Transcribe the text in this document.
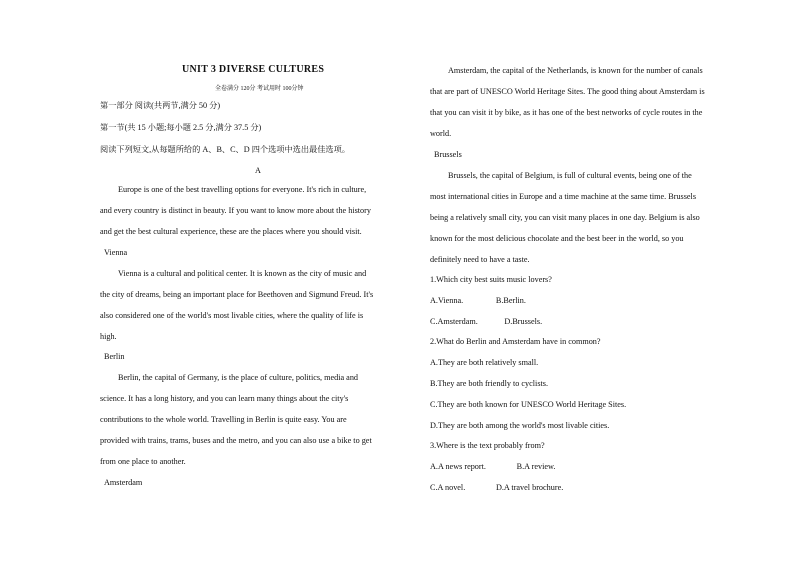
UNIT 3 DIVERSE CULTURES
全卷满分 120分 考试用时 100分钟
第一部分 阅读(共两节,满分 50 分)
第一节(共 15 小题;每小题 2.5 分,满分 37.5 分)
阅读下列短文,从每题所给的 A、B、C、D 四个选项中选出最佳选项。
A
Europe is one of the best travelling options for everyone. It's rich in culture,
and every country is distinct in beauty. If you want to know more about the history
and get the best cultural experience, these are the places where you should visit.
Vienna
Vienna is a cultural and political center. It is known as the city of music and
the city of dreams, being an important place for Beethoven and Sigmund Freud. It's
also considered one of the world's most livable cities, where the quality of life is
high.
Berlin
Berlin, the capital of Germany, is the place of culture, politics, media and
science. It has a long history, and you can learn many things about the city's
contributions to the whole world. Travelling in Berlin is quite easy. You are
provided with trains, trams, buses and the metro, and you can also use a bike to get
from one place to another.
Amsterdam
Amsterdam, the capital of the Netherlands, is known for the number of canals
that are part of UNESCO World Heritage Sites. The good thing about Amsterdam is
that you can visit it by bike, as it has one of the best networks of cycle routes in the
world.
Brussels
Brussels, the capital of Belgium, is full of cultural events, being one of the
most international cities in Europe and a time machine at the same time. Brussels
being a relatively small city, you can visit many places in one day. Belgium is also
known for the most delicious chocolate and the best beer in the world, so you
definitely need to have a taste.
1.Which city best suits music lovers?
A.Vienna.                B.Berlin.
C.Amsterdam.             D.Brussels.
2.What do Berlin and Amsterdam have in common?
A.They are both relatively small.
B.They are both friendly to cyclists.
C.They are both known for UNESCO World Heritage Sites.
D.They are both among the world's most livable cities.
3.Where is the text probably from?
A.A news report.               B.A review.
C.A novel.               D.A travel brochure.
